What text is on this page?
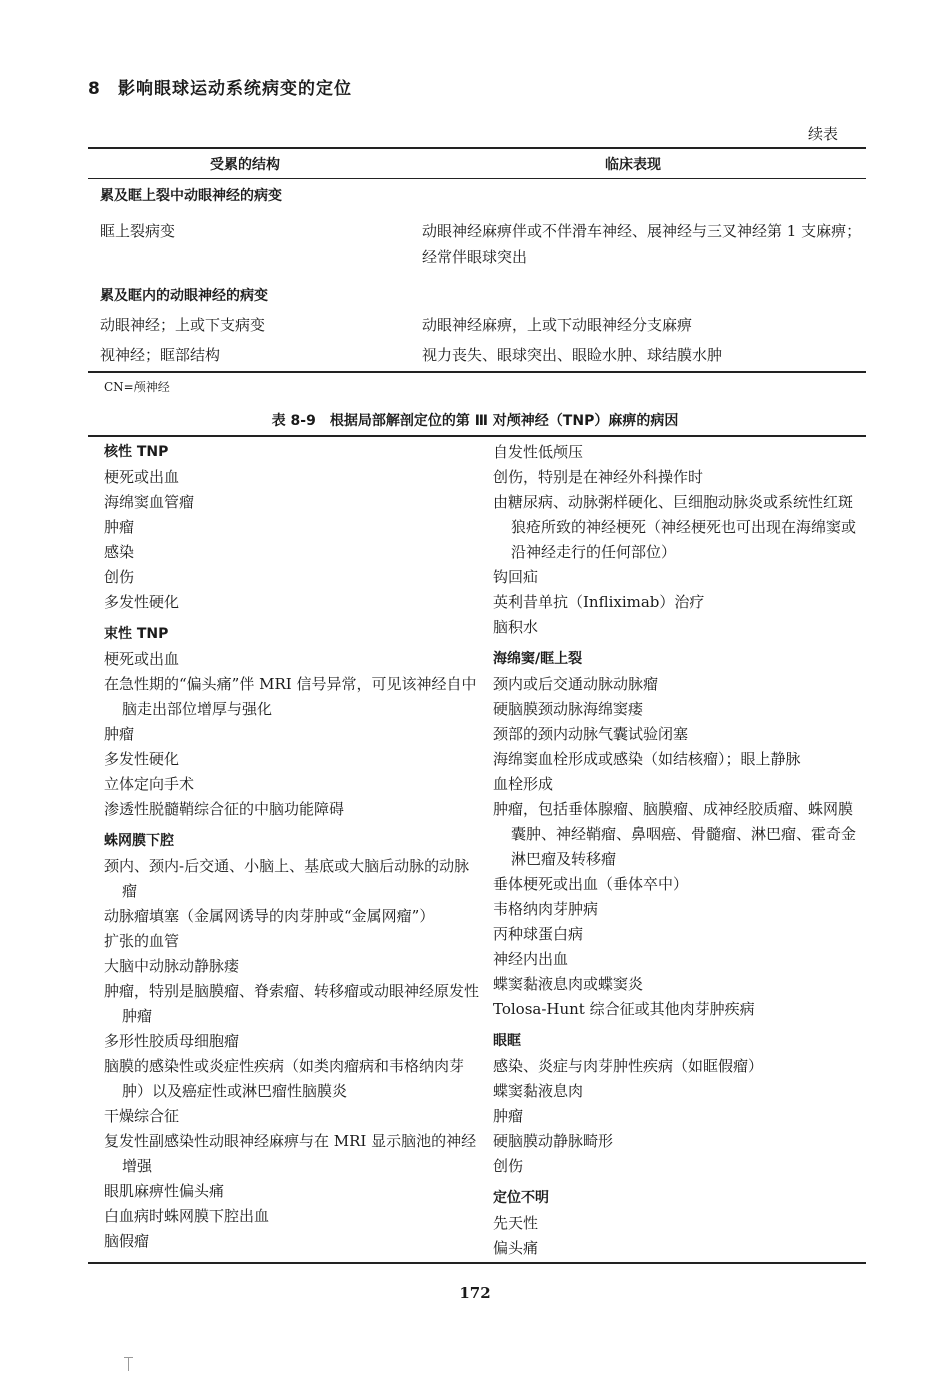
8 影响眼球运动系统病变的定位
续表
受累的结构	临床表现
累及眶上裂中动眼神经的病变
眶上裂病变	动眼神经麻痹伴或不伴滑车神经、展神经与三叉神经第 1 支麻痹；经常伴眼球突出
累及眶内的动眼神经的病变
动眼神经；上或下支病变	动眼神经麻痹，上或下动眼神经分支麻痹
视神经；眶部结构	视力丧失、眼球突出、眼睑水肿、球结膜水肿
CN=颅神经
表 8-9　根据局部解剖定位的第 Ⅲ 对颅神经（TNP）麻痹的病因
核性 TNP
梗死或出血
海绵窦血管瘤
肿瘤
感染
创伤
多发性硬化
束性 TNP
梗死或出血
在急性期的“偏头痛”伴 MRI 信号异常，可见该神经自中脑走出部位增厚与强化
肿瘤
多发性硬化
立体定向手术
渗透性脱髓鞘综合征的中脑功能障碍
蛛网膜下腔
颈内、颈内-后交通、小脑上、基底或大脑后动脉的动脉瘤
动脉瘤填塞（金属网诱导的肉芽肿或“金属网瘤”）
扩张的血管
大脑中动脉动静脉瘘
肿瘤，特别是脑膜瘤、脊索瘤、转移瘤或动眼神经原发性肿瘤
多形性胶质母细胞瘤
脑膜的感染性或炎症性疾病（如类肉瘤病和韦格纳肉芽肿）以及癌症性或淋巴瘤性脑膜炎
干燥综合征
复发性副感染性动眼神经麻痹与在 MRI 显示脑池的神经增强
眼肌麻痹性偏头痛
白血病时蛛网膜下腔出血
脑假瘤
自发性低颅压
创伤，特别是在神经外科操作时
由糖尿病、动脉粥样硬化、巨细胞动脉炎或系统性红斑狼疮所致的神经梗死（神经梗死也可出现在海绵窦或沿神经走行的任何部位）
钩回疝
英利昔单抗（Infliximab）治疗
脑积水
海绵窦/眶上裂
颈内或后交通动脉动脉瘤
硬脑膜颈动脉海绵窦瘘
颈部的颈内动脉气囊试验闭塞
海绵窦血栓形成或感染（如结核瘤）；眼上静脉
血栓形成
肿瘤，包括垂体腺瘤、脑膜瘤、成神经胶质瘤、蛛网膜囊肿、神经鞘瘤、鼻咽癌、骨髓瘤、淋巴瘤、霍奇金淋巴瘤及转移瘤
垂体梗死或出血（垂体卒中）
韦格纳肉芽肿病
丙种球蛋白病
神经内出血
蝶窦黏液息肉或蝶窦炎
Tolosa-Hunt 综合征或其他肉芽肿疾病
眼眶
感染、炎症与肉芽肿性疾病（如眶假瘤）
蝶窦黏液息肉
肿瘤
硬脑膜动静脉畸形
创伤
定位不明
先天性
偏头痛
172
